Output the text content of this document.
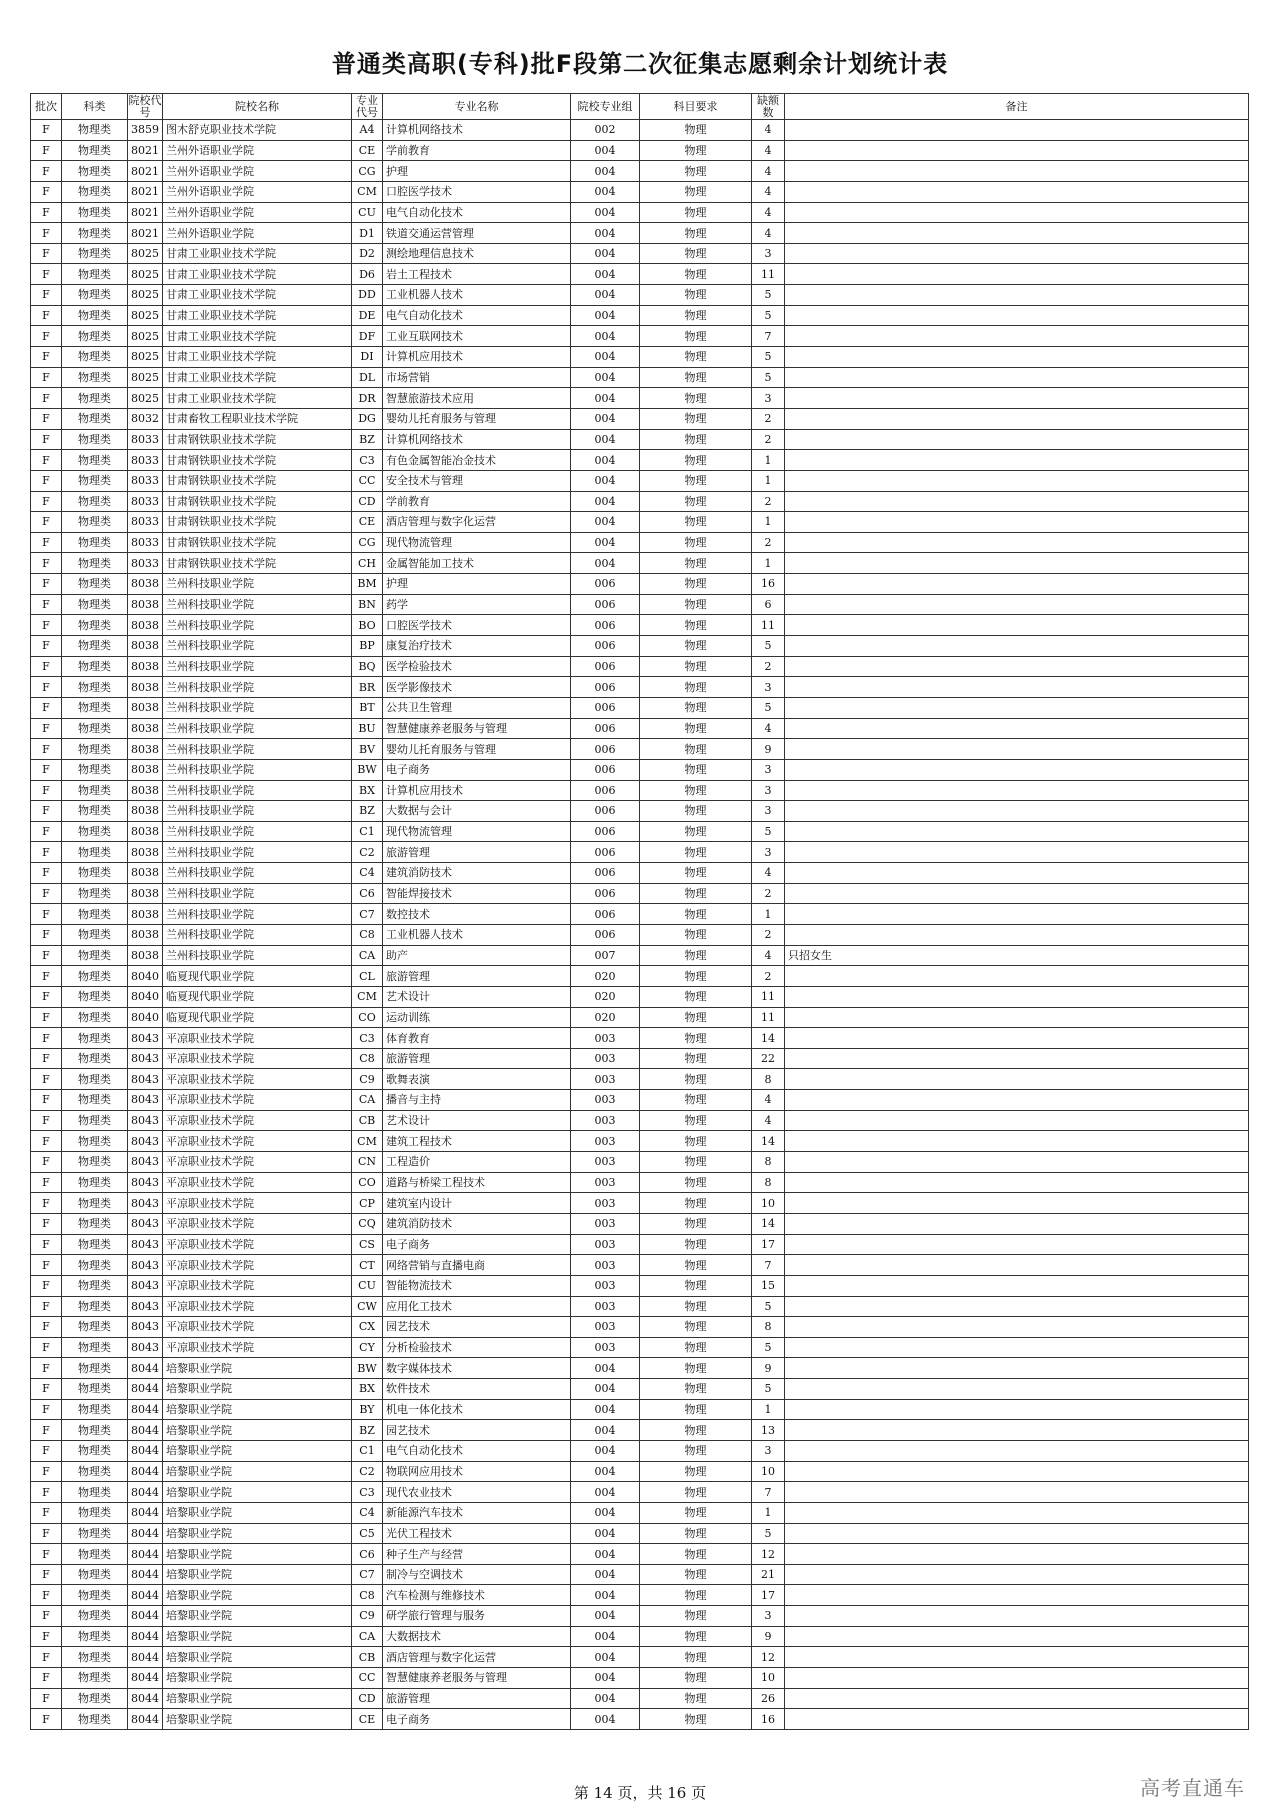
普通类高职(专科)批F段第二次征集志愿剩余计划统计表
批次	科类	院校代号	院校名称	专业代号	专业名称	院校专业组	科目要求	缺额数	备注
F	物理类	3859	图木舒克职业技术学院	A4	计算机网络技术	002	物理	4	
F	物理类	8021	兰州外语职业学院	CE	学前教育	004	物理	4	
F	物理类	8021	兰州外语职业学院	CG	护理	004	物理	4	
F	物理类	8021	兰州外语职业学院	CM	口腔医学技术	004	物理	4	
F	物理类	8021	兰州外语职业学院	CU	电气自动化技术	004	物理	4	
F	物理类	8021	兰州外语职业学院	D1	铁道交通运营管理	004	物理	4	
F	物理类	8025	甘肃工业职业技术学院	D2	测绘地理信息技术	004	物理	3	
F	物理类	8025	甘肃工业职业技术学院	D6	岩土工程技术	004	物理	11	
F	物理类	8025	甘肃工业职业技术学院	DD	工业机器人技术	004	物理	5	
F	物理类	8025	甘肃工业职业技术学院	DE	电气自动化技术	004	物理	5	
F	物理类	8025	甘肃工业职业技术学院	DF	工业互联网技术	004	物理	7	
F	物理类	8025	甘肃工业职业技术学院	DI	计算机应用技术	004	物理	5	
F	物理类	8025	甘肃工业职业技术学院	DL	市场营销	004	物理	5	
F	物理类	8025	甘肃工业职业技术学院	DR	智慧旅游技术应用	004	物理	3	
F	物理类	8032	甘肃畜牧工程职业技术学院	DG	婴幼儿托育服务与管理	004	物理	2	
F	物理类	8033	甘肃钢铁职业技术学院	BZ	计算机网络技术	004	物理	2	
F	物理类	8033	甘肃钢铁职业技术学院	C3	有色金属智能冶金技术	004	物理	1	
F	物理类	8033	甘肃钢铁职业技术学院	CC	安全技术与管理	004	物理	1	
F	物理类	8033	甘肃钢铁职业技术学院	CD	学前教育	004	物理	2	
F	物理类	8033	甘肃钢铁职业技术学院	CE	酒店管理与数字化运营	004	物理	1	
F	物理类	8033	甘肃钢铁职业技术学院	CG	现代物流管理	004	物理	2	
F	物理类	8033	甘肃钢铁职业技术学院	CH	金属智能加工技术	004	物理	1	
F	物理类	8038	兰州科技职业学院	BM	护理	006	物理	16	
F	物理类	8038	兰州科技职业学院	BN	药学	006	物理	6	
F	物理类	8038	兰州科技职业学院	BO	口腔医学技术	006	物理	11	
F	物理类	8038	兰州科技职业学院	BP	康复治疗技术	006	物理	5	
F	物理类	8038	兰州科技职业学院	BQ	医学检验技术	006	物理	2	
F	物理类	8038	兰州科技职业学院	BR	医学影像技术	006	物理	3	
F	物理类	8038	兰州科技职业学院	BT	公共卫生管理	006	物理	5	
F	物理类	8038	兰州科技职业学院	BU	智慧健康养老服务与管理	006	物理	4	
F	物理类	8038	兰州科技职业学院	BV	婴幼儿托育服务与管理	006	物理	9	
F	物理类	8038	兰州科技职业学院	BW	电子商务	006	物理	3	
F	物理类	8038	兰州科技职业学院	BX	计算机应用技术	006	物理	3	
F	物理类	8038	兰州科技职业学院	BZ	大数据与会计	006	物理	3	
F	物理类	8038	兰州科技职业学院	C1	现代物流管理	006	物理	5	
F	物理类	8038	兰州科技职业学院	C2	旅游管理	006	物理	3	
F	物理类	8038	兰州科技职业学院	C4	建筑消防技术	006	物理	4	
F	物理类	8038	兰州科技职业学院	C6	智能焊接技术	006	物理	2	
F	物理类	8038	兰州科技职业学院	C7	数控技术	006	物理	1	
F	物理类	8038	兰州科技职业学院	C8	工业机器人技术	006	物理	2	
F	物理类	8038	兰州科技职业学院	CA	助产	007	物理	4	只招女生
F	物理类	8040	临夏现代职业学院	CL	旅游管理	020	物理	2	
F	物理类	8040	临夏现代职业学院	CM	艺术设计	020	物理	11	
F	物理类	8040	临夏现代职业学院	CO	运动训练	020	物理	11	
F	物理类	8043	平凉职业技术学院	C3	体育教育	003	物理	14	
F	物理类	8043	平凉职业技术学院	C8	旅游管理	003	物理	22	
F	物理类	8043	平凉职业技术学院	C9	歌舞表演	003	物理	8	
F	物理类	8043	平凉职业技术学院	CA	播音与主持	003	物理	4	
F	物理类	8043	平凉职业技术学院	CB	艺术设计	003	物理	4	
F	物理类	8043	平凉职业技术学院	CM	建筑工程技术	003	物理	14	
F	物理类	8043	平凉职业技术学院	CN	工程造价	003	物理	8	
F	物理类	8043	平凉职业技术学院	CO	道路与桥梁工程技术	003	物理	8	
F	物理类	8043	平凉职业技术学院	CP	建筑室内设计	003	物理	10	
F	物理类	8043	平凉职业技术学院	CQ	建筑消防技术	003	物理	14	
F	物理类	8043	平凉职业技术学院	CS	电子商务	003	物理	17	
F	物理类	8043	平凉职业技术学院	CT	网络营销与直播电商	003	物理	7	
F	物理类	8043	平凉职业技术学院	CU	智能物流技术	003	物理	15	
F	物理类	8043	平凉职业技术学院	CW	应用化工技术	003	物理	5	
F	物理类	8043	平凉职业技术学院	CX	园艺技术	003	物理	8	
F	物理类	8043	平凉职业技术学院	CY	分析检验技术	003	物理	5	
F	物理类	8044	培黎职业学院	BW	数字媒体技术	004	物理	9	
F	物理类	8044	培黎职业学院	BX	软件技术	004	物理	5	
F	物理类	8044	培黎职业学院	BY	机电一体化技术	004	物理	1	
F	物理类	8044	培黎职业学院	BZ	园艺技术	004	物理	13	
F	物理类	8044	培黎职业学院	C1	电气自动化技术	004	物理	3	
F	物理类	8044	培黎职业学院	C2	物联网应用技术	004	物理	10	
F	物理类	8044	培黎职业学院	C3	现代农业技术	004	物理	7	
F	物理类	8044	培黎职业学院	C4	新能源汽车技术	004	物理	1	
F	物理类	8044	培黎职业学院	C5	光伏工程技术	004	物理	5	
F	物理类	8044	培黎职业学院	C6	种子生产与经营	004	物理	12	
F	物理类	8044	培黎职业学院	C7	制冷与空调技术	004	物理	21	
F	物理类	8044	培黎职业学院	C8	汽车检测与维修技术	004	物理	17	
F	物理类	8044	培黎职业学院	C9	研学旅行管理与服务	004	物理	3	
F	物理类	8044	培黎职业学院	CA	大数据技术	004	物理	9	
F	物理类	8044	培黎职业学院	CB	酒店管理与数字化运营	004	物理	12	
F	物理类	8044	培黎职业学院	CC	智慧健康养老服务与管理	004	物理	10	
F	物理类	8044	培黎职业学院	CD	旅游管理	004	物理	26	
F	物理类	8044	培黎职业学院	CE	电子商务	004	物理	16	
第 14 页，共 16 页	高考直通车
